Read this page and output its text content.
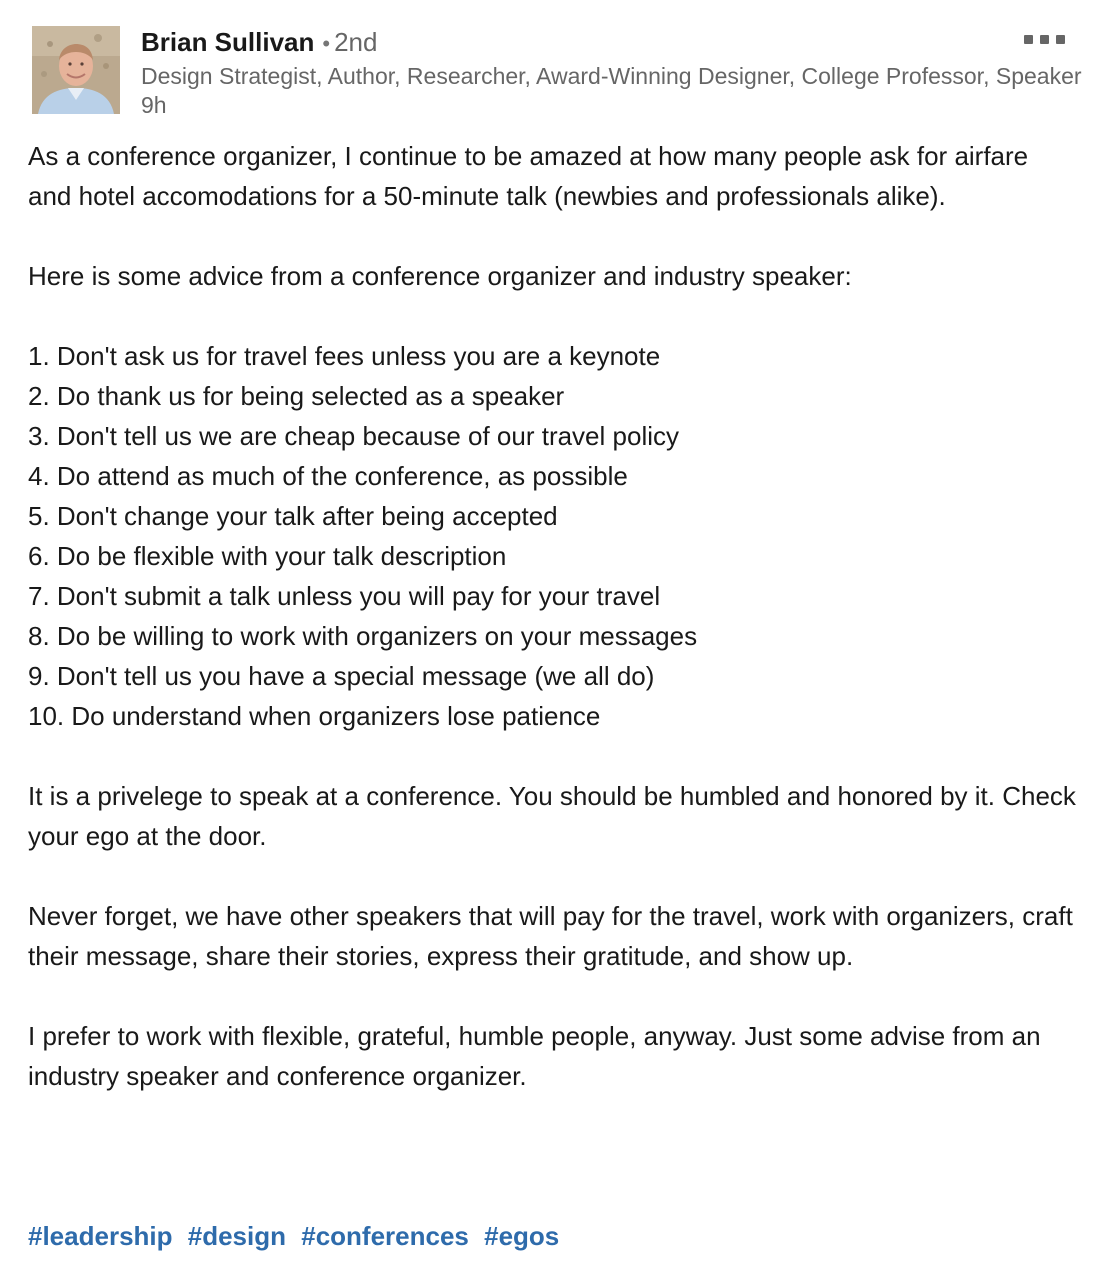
Brian Sullivan • 2nd
Design Strategist, Author, Researcher, Award-Winning Designer, College Professor, Speaker
9h

As a conference organizer, I continue to be amazed at how many people ask for airfare and hotel accomodations for a 50-minute talk (newbies and professionals alike).

Here is some advice from a conference organizer and industry speaker:

1. Don't ask us for travel fees unless you are a keynote
2. Do thank us for being selected as a speaker
3. Don't tell us we are cheap because of our travel policy
4. Do attend as much of the conference, as possible
5. Don't change your talk after being accepted
6. Do be flexible with your talk description
7. Don't submit a talk unless you will pay for your travel
8. Do be willing to work with organizers on your messages
9. Don't tell us you have a special message (we all do)
10. Do understand when organizers lose patience

It is a privelege to speak at a conference. You should be humbled and honored by it. Check your ego at the door.

Never forget, we have other speakers that will pay for the travel, work with organizers, craft their message, share their stories, express their gratitude, and show up.

I prefer to work with flexible, grateful, humble people, anyway. Just some advise from an industry speaker and conference organizer.

#leadership #design #conferences #egos
